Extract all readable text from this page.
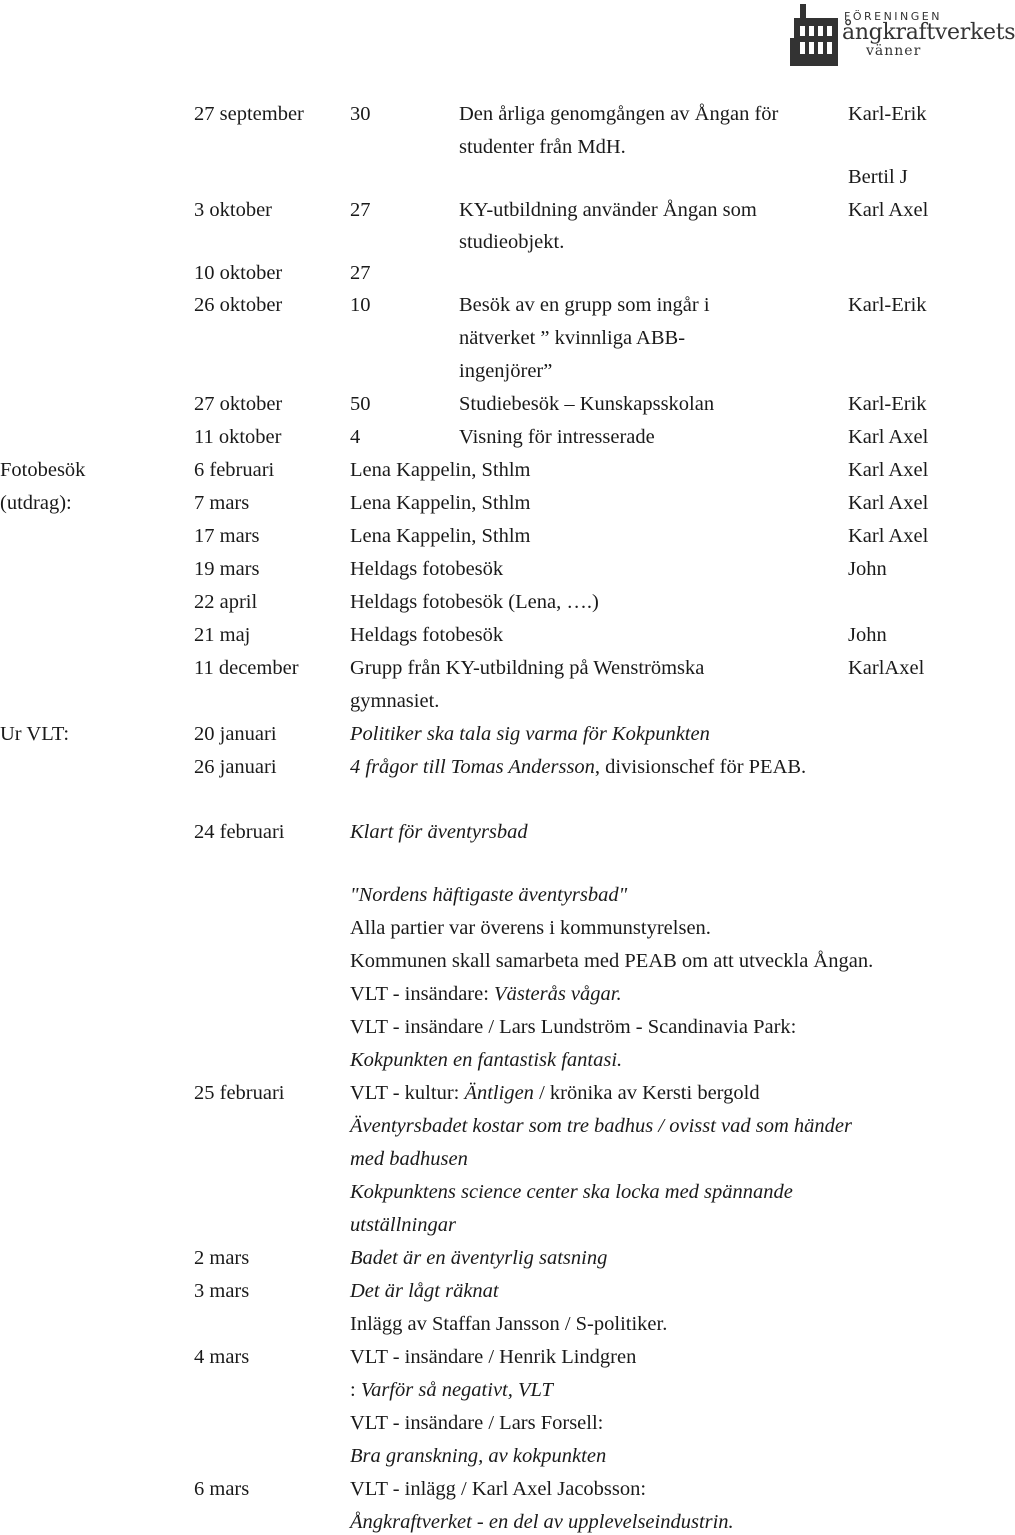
FÖRENINGEN
ångkraftverkets
vänner
27 september 30	Den årliga genomgången av Ångan för	Karl-Erik
studenter från MdH.
Bertil J
3 oktober	27	KY-utbildning använder Ångan som	Karl Axel
studieobjekt.
10 oktober	27
26 oktober	10	Besök av en grupp som ingår i	Karl-Erik
nätverket ” kvinnliga ABB-
ingenjörer”
27 oktober	50	Studiebesök – Kunskapsskolan	Karl-Erik
11 oktober	4	Visning för intresserade	Karl Axel
Fotobesök
(utdrag):
6 februari	Lena Kappelin, Sthlm	Karl Axel
7 mars	Lena Kappelin, Sthlm	Karl Axel
17 mars	Lena Kappelin, Sthlm	Karl Axel
19 mars	Heldags fotobesök	John
22 april	Heldags fotobesök (Lena, ….)
21 maj	Heldags fotobesök	John
11 december	Grupp från KY-utbildning på Wenströmska	KarlAxel
gymnasiet.
Ur VLT:	20 januari	Politiker ska tala sig varma för Kokpunkten
26 januari	4 frågor till Tomas Andersson, divisionschef för PEAB.
24 februari	Klart för äventyrsbad
"Nordens häftigaste äventyrsbad"
Alla partier var överens i kommunstyrelsen.
Kommunen skall samarbeta med PEAB om att utveckla Ångan.
VLT - insändare: Västerås vågar.
VLT - insändare / Lars Lundström - Scandinavia Park:
Kokpunkten en fantastisk fantasi.
25 februari	VLT - kultur: Äntligen / krönika av Kersti bergold
Äventyrsbadet kostar som tre badhus / ovisst vad som händer
med badhusen
Kokpunktens science center ska locka med spännande
utställningar
2 mars	Badet är en äventyrlig satsning
3 mars	Det är lågt räknat
Inlägg av Staffan Jansson / S-politiker.
4 mars	VLT - insändare / Henrik Lindgren
: Varför så negativt, VLT
VLT - insändare / Lars Forsell:
Bra granskning, av kokpunkten
6 mars	VLT - inlägg / Karl Axel Jacobsson:
Ångkraftverket - en del av upplevelseindustrin.
